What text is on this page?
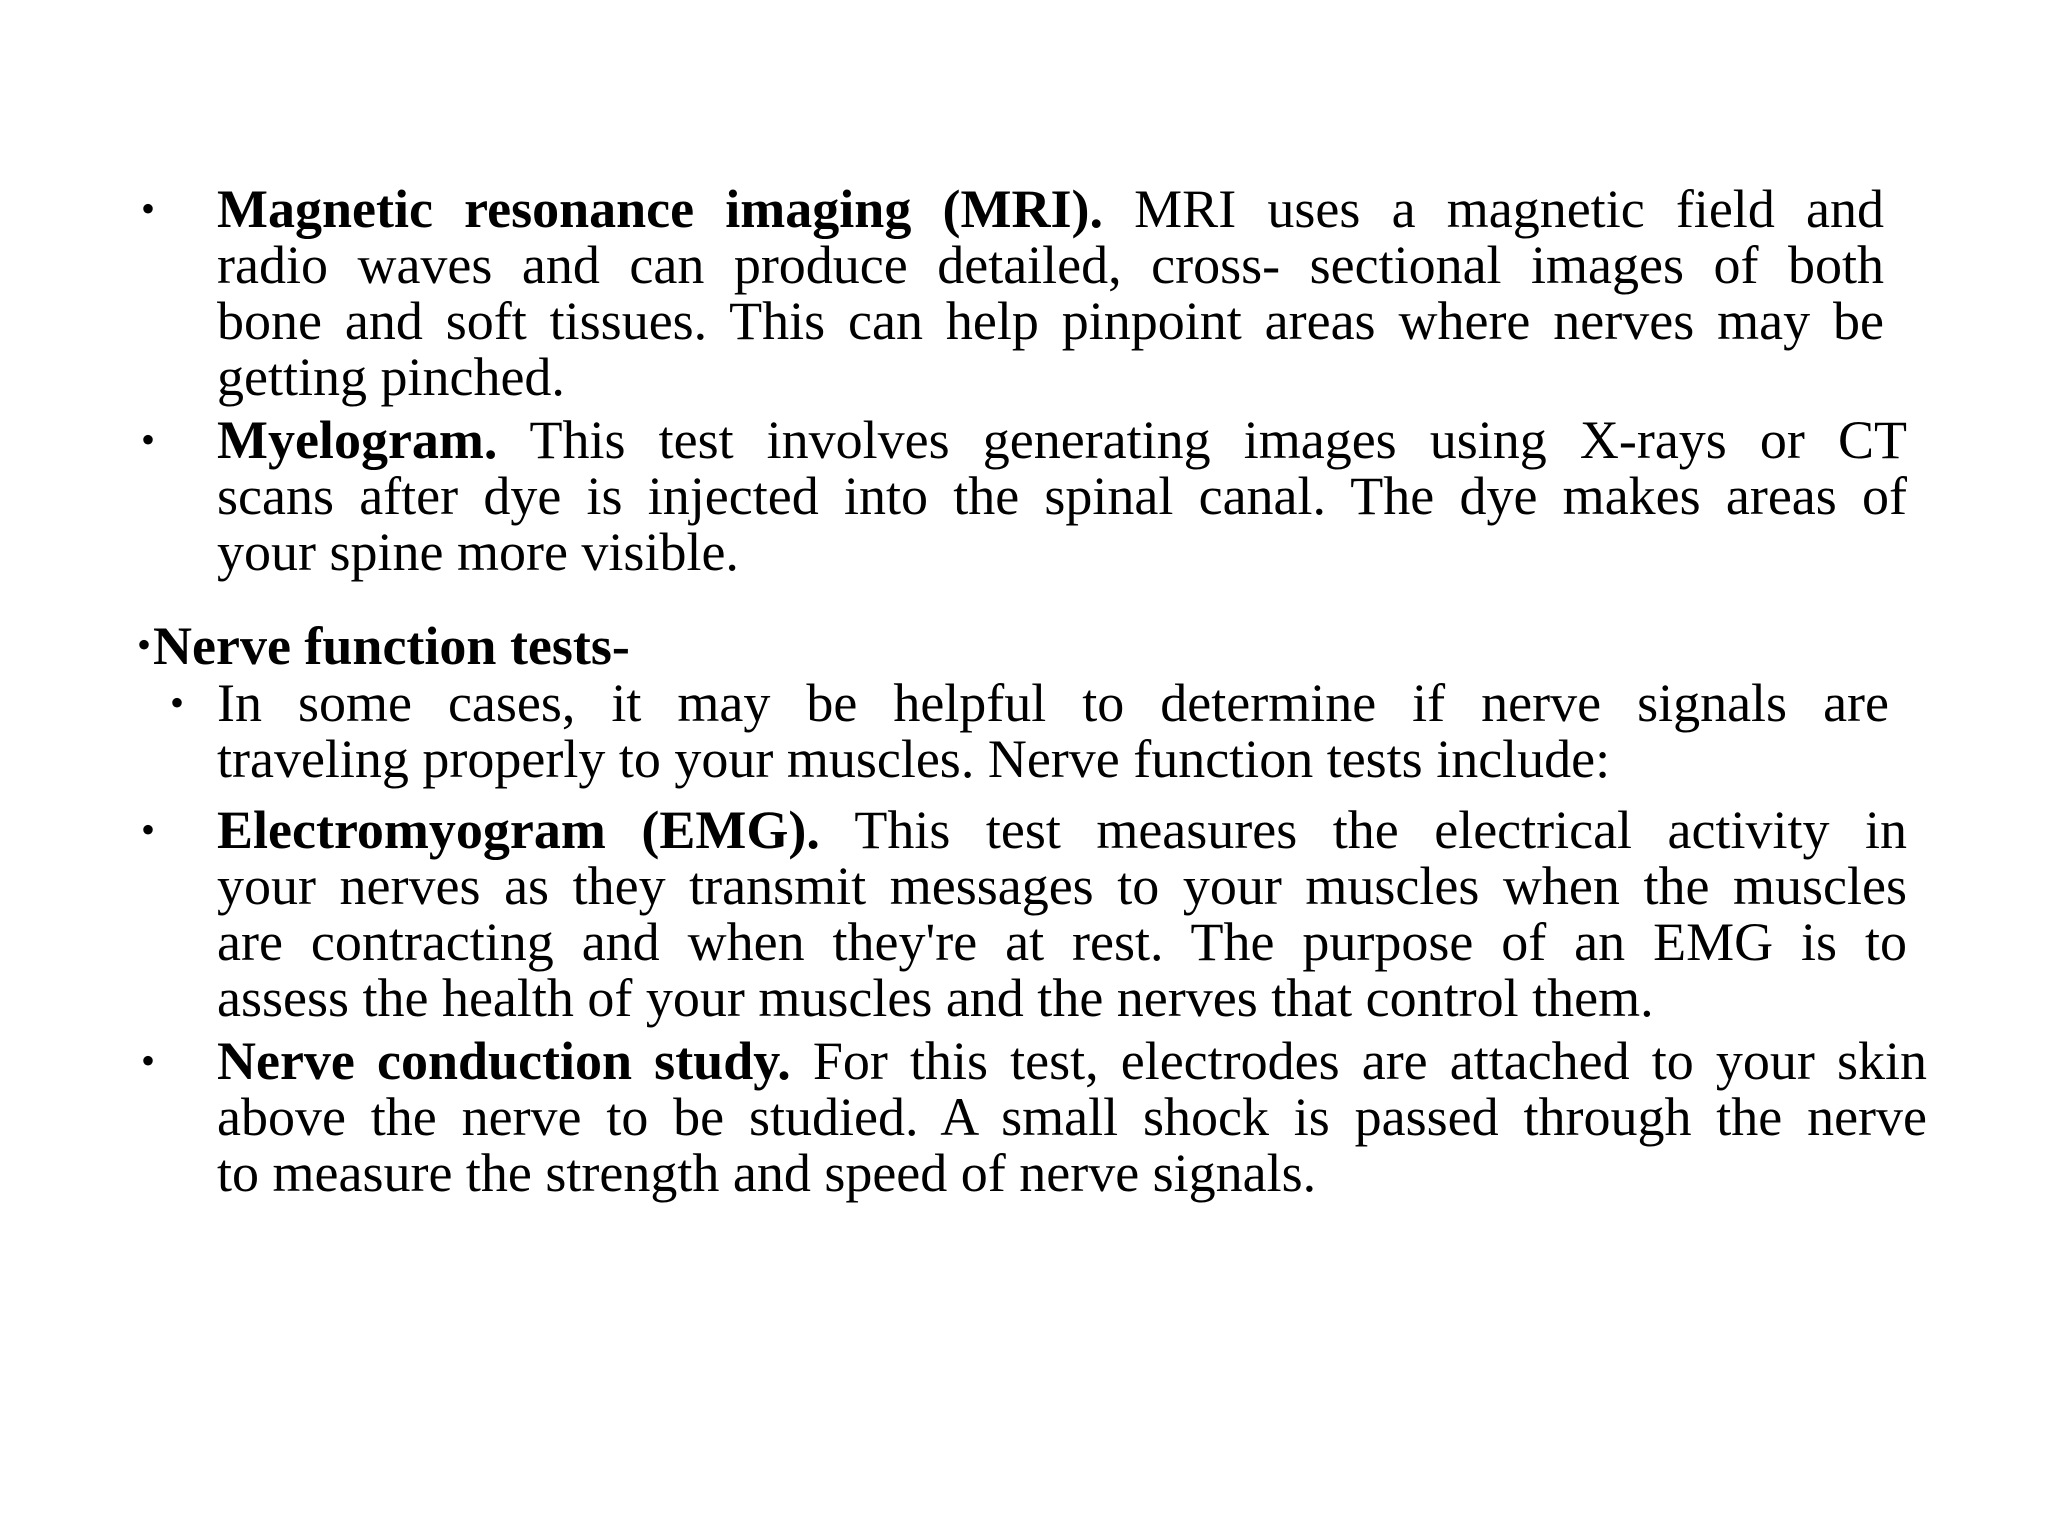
• Magnetic resonance imaging (MRI). MRI uses a magnetic field and
radio waves and can produce detailed, cross- sectional images of both
bone and soft tissues. This can help pinpoint areas where nerves may be
getting pinched.
• Myelogram. This test involves generating images using X-rays or CT
scans after dye is injected into the spinal canal. The dye makes areas of
your spine more visible.
•Nerve function tests-
• In some cases, it may be helpful to determine if nerve signals are
traveling properly to your muscles. Nerve function tests include:
• Electromyogram (EMG). This test measures the electrical activity in
your nerves as they transmit messages to your muscles when the muscles
are contracting and when they're at rest. The purpose of an EMG is to
assess the health of your muscles and the nerves that control them.
• Nerve conduction study. For this test, electrodes are attached to your skin
above the nerve to be studied. A small shock is passed through the nerve
to measure the strength and speed of nerve signals.
